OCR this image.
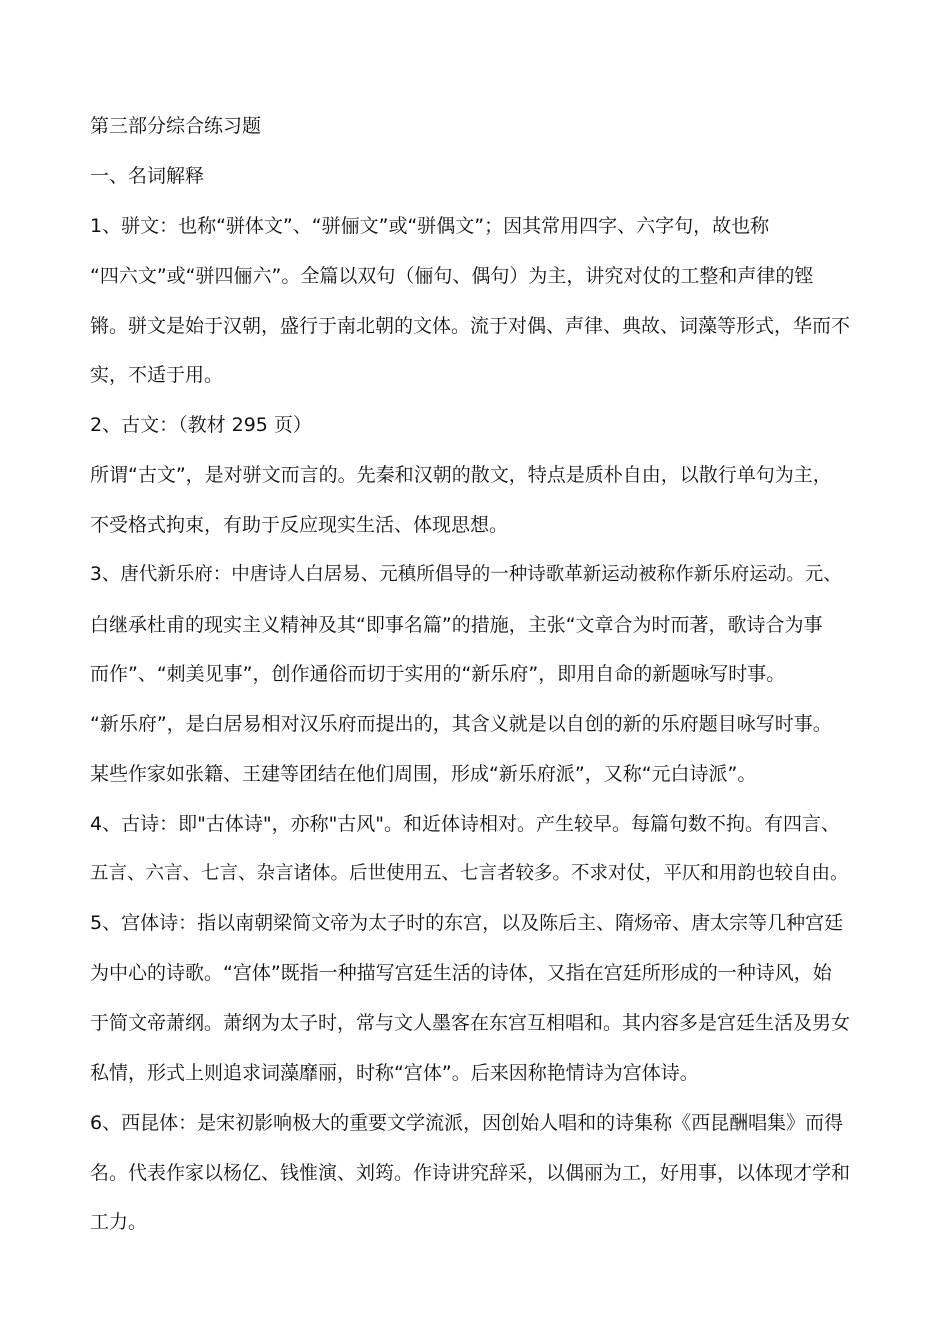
第三部分综合练习题
一、名词解释
1、骈文：也称“骈体文”、“骈俪文”或“骈偶文”；因其常用四字、六字句，故也称
“四六文”或“骈四俪六”。全篇以双句（俪句、偶句）为主，讲究对仗的工整和声律的铿
锵。骈文是始于汉朝，盛行于南北朝的文体。流于对偶、声律、典故、词藻等形式，华而不
实，不适于用。
2、古文：（教材 295 页）
所谓“古文”，是对骈文而言的。先秦和汉朝的散文，特点是质朴自由，以散行单句为主，
不受格式拘束，有助于反应现实生活、体现思想。
3、唐代新乐府：中唐诗人白居易、元稹所倡导的一种诗歌革新运动被称作新乐府运动。元、
白继承杜甫的现实主义精神及其“即事名篇”的措施，主张“文章合为时而著，歌诗合为事
而作”、“刺美见事”，创作通俗而切于实用的“新乐府”，即用自命的新题咏写时事。
“新乐府”，是白居易相对汉乐府而提出的，其含义就是以自创的新的乐府题目咏写时事。
某些作家如张籍、王建等团结在他们周围，形成“新乐府派”，又称“元白诗派”。
4、古诗：即"古体诗"，亦称"古风"。和近体诗相对。产生较早。每篇句数不拘。有四言、
五言、六言、七言、杂言诸体。后世使用五、七言者较多。不求对仗，平仄和用韵也较自由。
5、宫体诗：指以南朝梁简文帝为太子时的东宫，以及陈后主、隋炀帝、唐太宗等几种宫廷
为中心的诗歌。“宫体”既指一种描写宫廷生活的诗体，又指在宫廷所形成的一种诗风，始
于简文帝萧纲。萧纲为太子时，常与文人墨客在东宫互相唱和。其内容多是宫廷生活及男女
私情，形式上则追求词藻靡丽，时称“宫体”。后来因称艳情诗为宫体诗。
6、西昆体：是宋初影响极大的重要文学流派，因创始人唱和的诗集称《西昆酬唱集》而得
名。代表作家以杨亿、钱惟演、刘筠。作诗讲究辞采，以偶丽为工，好用事，以体现才学和
工力。
